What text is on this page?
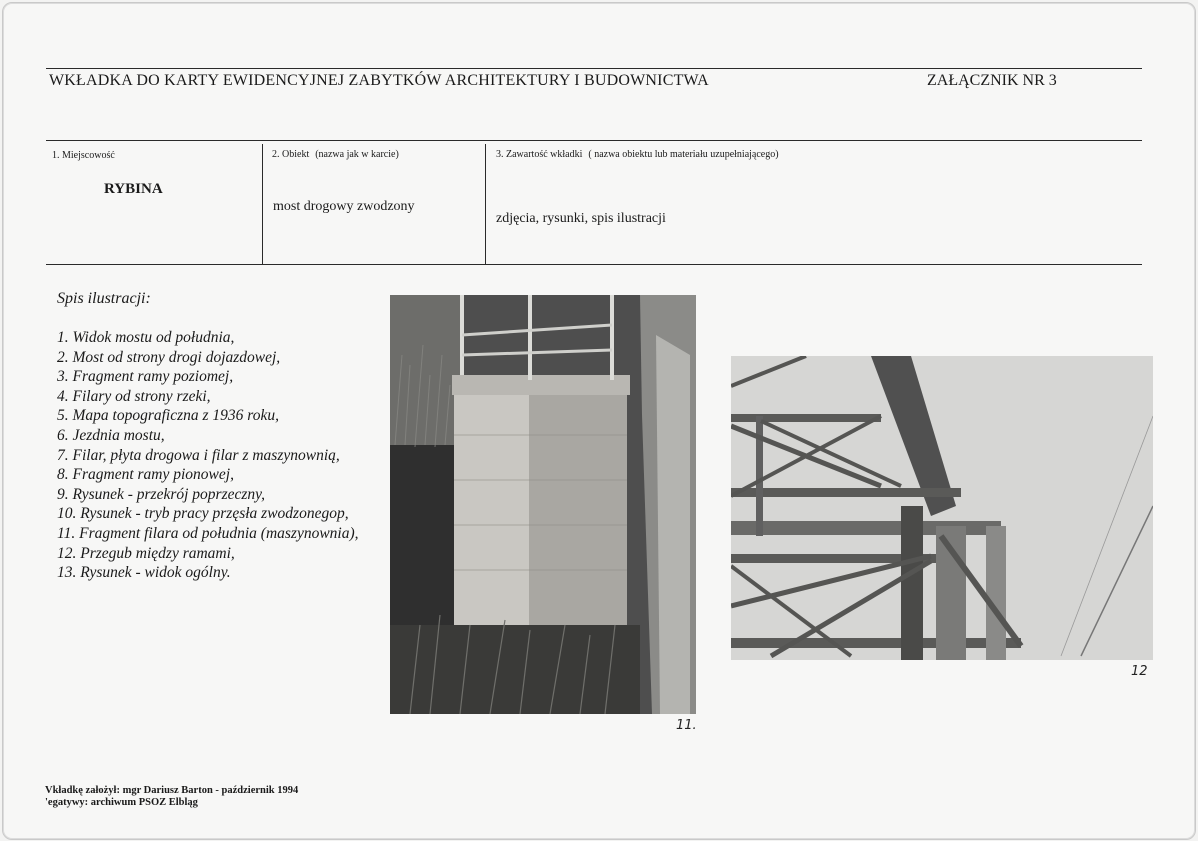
WKŁADKA DO KARTY EWIDENCYJNEJ ZABYTKÓW ARCHITEKTURY I BUDOWNICTWA	ZAŁĄCZNIK NR 3
1. Miejscowość
RYBINA
2. Obiekt (nazwa jak w karcie)
most drogowy zwodzony
3. Zawartość wkładki ( nazwa obiektu lub materiału uzupełniającego)
zdjęcia, rysunki, spis ilustracji
Spis ilustracji:
1. Widok mostu od południa,
2. Most od strony drogi dojazdowej,
3. Fragment ramy poziomej,
4. Filary od strony rzeki,
5. Mapa topograficzna z 1936 roku,
6. Jezdnia mostu,
7. Filar, płyta drogowa i filar z maszynownią,
8. Fragment ramy pionowej,
9. Rysunek - przekrój poprzeczny,
10. Rysunek - tryb pracy przęsła zwodzonegop,
11. Fragment filara od południa (maszynownia),
12. Przegub między ramami,
13. Rysunek - widok ogólny.
11.
12
Vkładkę założył: mgr Dariusz Barton - październik 1994
'egatywy: archiwum PSOZ Elbląg
